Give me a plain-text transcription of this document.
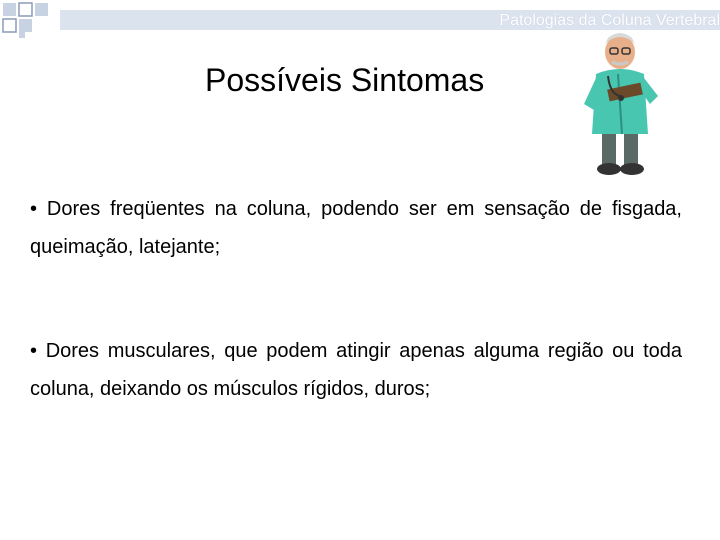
Patologias da Coluna Vertebral
Possíveis Sintomas

• Dores freqüentes na coluna, podendo ser em sensação de fisgada, queimação, latejante;

• Dores musculares, que podem atingir apenas alguma região ou toda coluna, deixando os músculos rígidos, duros;
